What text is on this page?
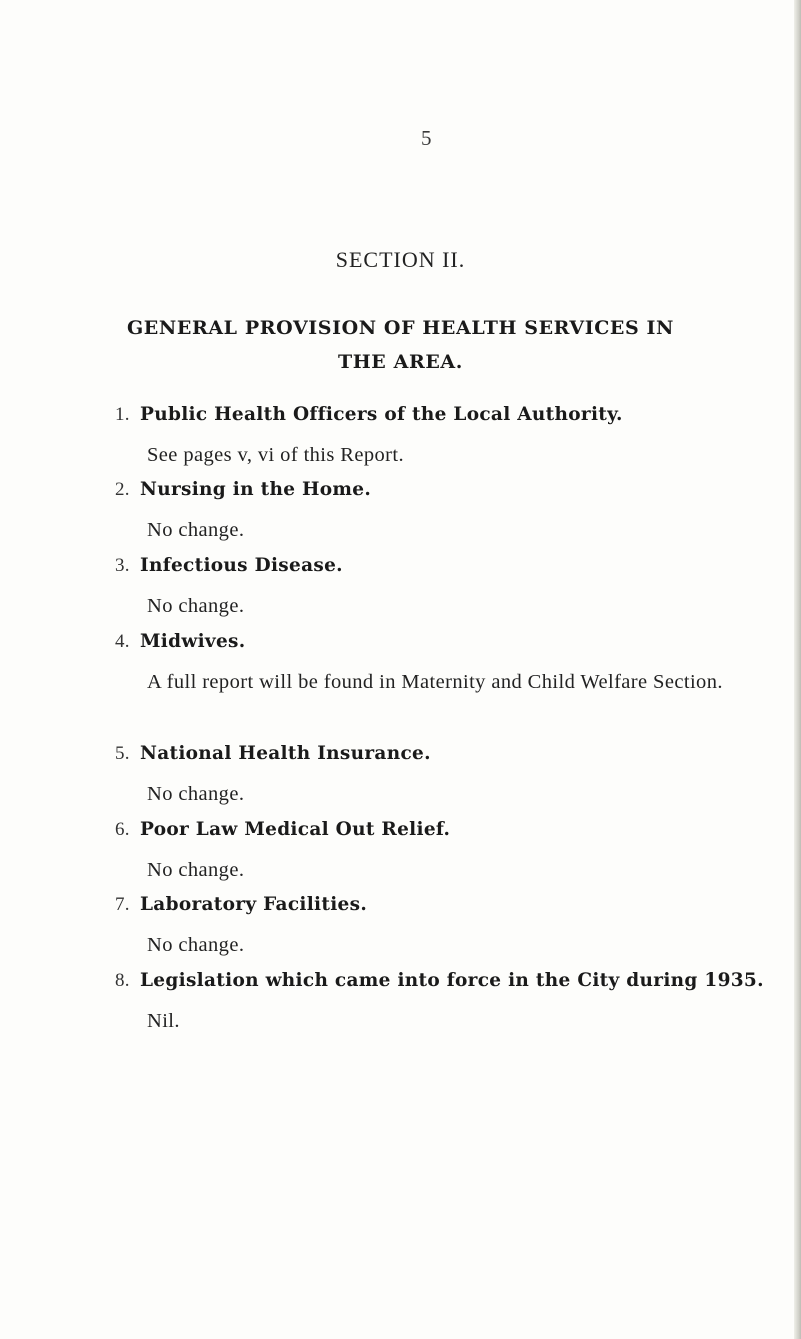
5
SECTION II.
GENERAL PROVISION OF HEALTH SERVICES IN
THE AREA.
1. Public Health Officers of the Local Authority.
See pages v, vi of this Report.
2. Nursing in the Home.
No change.
3. Infectious Disease.
No change.
4. Midwives.
A full report will be found in Maternity and Child Welfare Section.
5. National Health Insurance.
No change.
6. Poor Law Medical Out Relief.
No change.
7. Laboratory Facilities.
No change.
8. Legislation which came into force in the City during 1935.
Nil.
